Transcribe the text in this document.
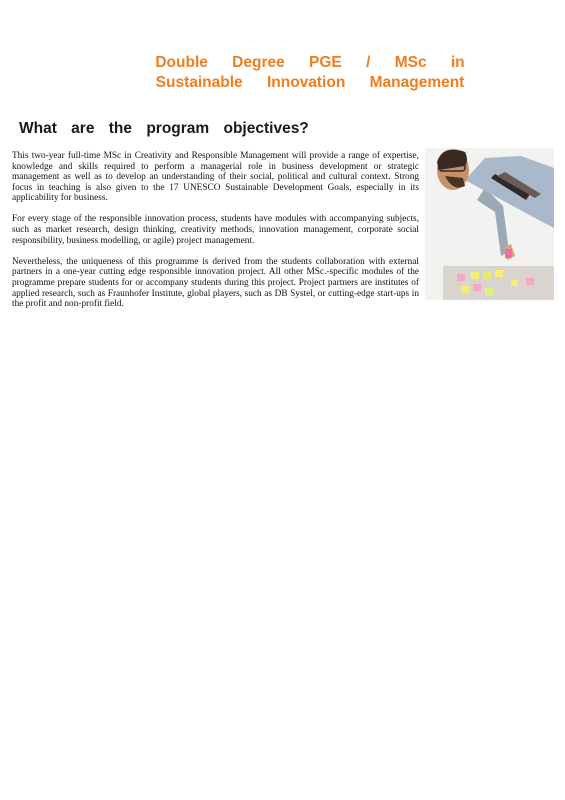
Double Degree PGE / MSc in
Sustainable Innovation Management
What are the program objectives?

This two-year full-time MSc in Creativity and Responsible Management will provide a range of expertise, knowledge and skills required to perform a managerial role in business development or strategic management as well as to develop an understanding of their social, political and cultural context. Strong focus in teaching is also given to the 17 UNESCO Sustainable Development Goals, especially in its applicability for business.

For every stage of the responsible innovation process, students have modules with accompanying subjects, such as market research, design thinking, creativity methods, innovation management, corporate social responsibility, business modelling, or agile) project management.

Nevertheless, the uniqueness of this programme is derived from the students collaboration with external partners in a one-year cutting edge responsible innovation project. All other MSc.-specific modules of the programme prepare students for or accompany students during this project. Project partners are institutes of applied research, such as Fraunhofer Institute, global players, such as DB Systel, or cutting-edge start-ups in the profit and non-profit field.
